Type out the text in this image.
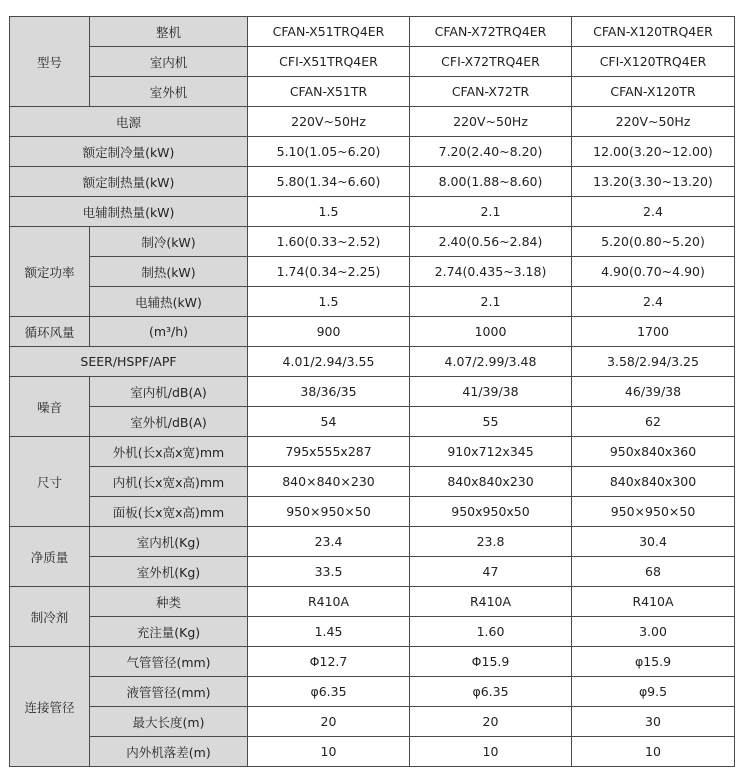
型号	整机	CFAN-X51TRQ4ER	CFAN-X72TRQ4ER	CFAN-X120TRQ4ER
	室内机	CFI-X51TRQ4ER	CFI-X72TRQ4ER	CFI-X120TRQ4ER
	室外机	CFAN-X51TR	CFAN-X72TR	CFAN-X120TR
电源		220V~50Hz	220V~50Hz	220V~50Hz
额定制冷量(kW)		5.10(1.05~6.20)	7.20(2.40~8.20)	12.00(3.20~12.00)
额定制热量(kW)		5.80(1.34~6.60)	8.00(1.88~8.60)	13.20(3.30~13.20)
电辅制热量(kW)		1.5	2.1	2.4
额定功率	制冷(kW)	1.60(0.33~2.52)	2.40(0.56~2.84)	5.20(0.80~5.20)
	制热(kW)	1.74(0.34~2.25)	2.74(0.435~3.18)	4.90(0.70~4.90)
	电辅热(kW)	1.5	2.1	2.4
循环风量	(m³/h)	900	1000	1700
SEER/HSPF/APF		4.01/2.94/3.55	4.07/2.99/3.48	3.58/2.94/3.25
噪音	室内机/dB(A)	38/36/35	41/39/38	46/39/38
	室外机/dB(A)	54	55	62
尺寸	外机(长x高x宽)mm	795x555x287	910x712x345	950x840x360
	内机(长x宽x高)mm	840×840×230	840x840x230	840x840x300
	面板(长x宽x高)mm	950×950×50	950x950x50	950×950×50
净质量	室内机(Kg)	23.4	23.8	30.4
	室外机(Kg)	33.5	47	68
制冷剂	种类	R410A	R410A	R410A
	充注量(Kg)	1.45	1.60	3.00
连接管径	气管管径(mm)	Φ12.7	Φ15.9	φ15.9
	液管管径(mm)	φ6.35	φ6.35	φ9.5
	最大长度(m)	20	20	30
	内外机落差(m)	10	10	10
